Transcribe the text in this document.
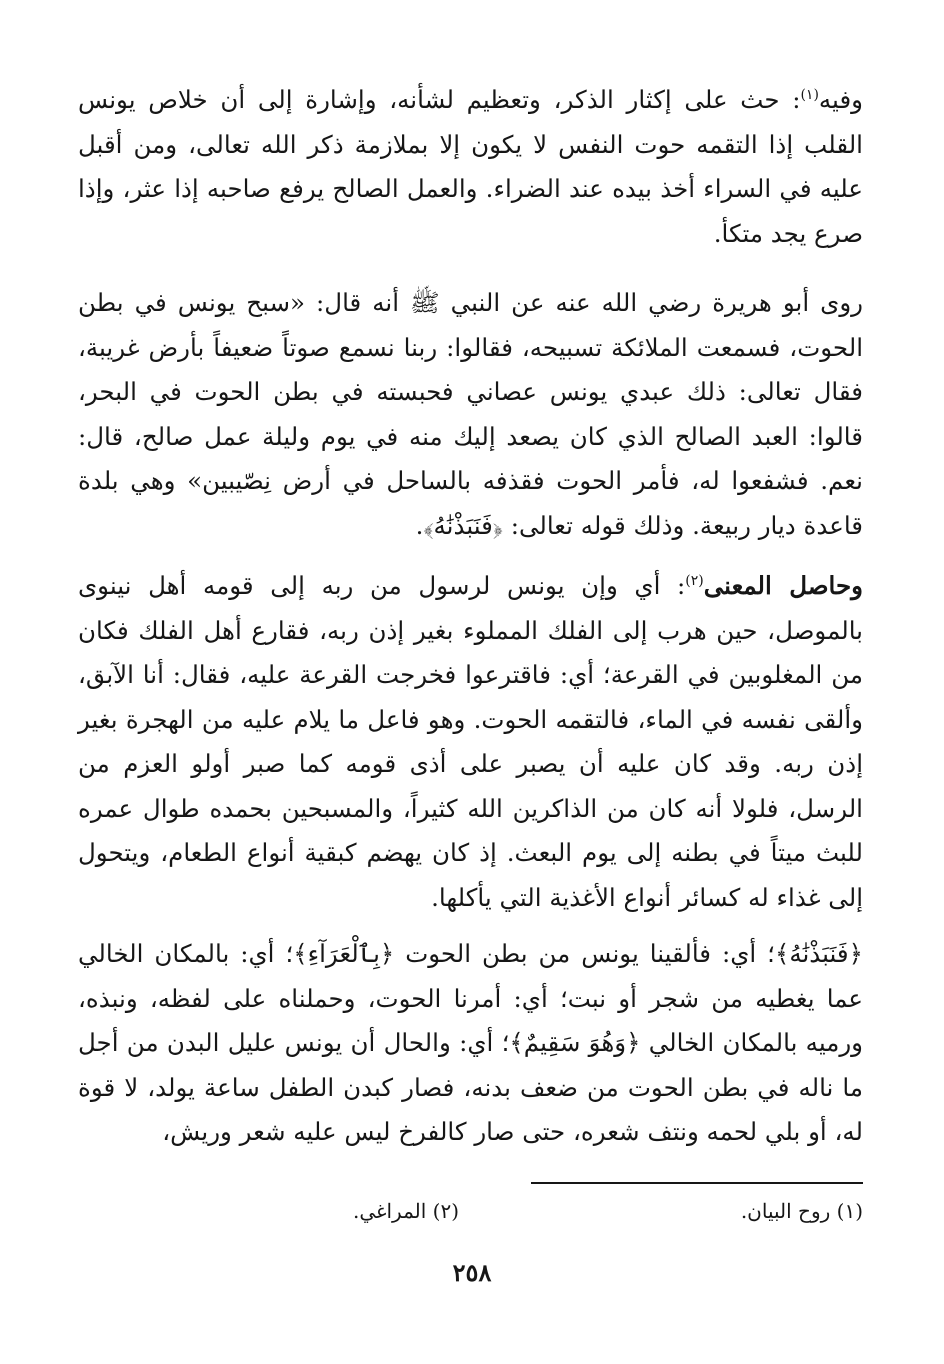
وفيه$^{(١)}$: حث على إكثار الذكر، وتعظيم لشأنه، وإشارة إلى أن خلاص يونس القلب إذا التقمه حوت النفس لا يكون إلا بملازمة ذكر الله تعالى، ومن أقبل عليه في السراء أخذ بيده عند الضراء. والعمل الصالح يرفع صاحبه إذا عثر، وإذا صرع يجد متكأ.

روى أبو هريرة رضي الله عنه عن النبي ﷺ أنه قال: «سبح يونس في بطن الحوت، فسمعت الملائكة تسبيحه، فقالوا: ربنا نسمع صوتاً ضعيفاً بأرض غريبة، فقال تعالى: ذلك عبدي يونس عصاني فحبسته في بطن الحوت في البحر، قالوا: العبد الصالح الذي كان يصعد إليك منه في يوم وليلة عمل صالح، قال: نعم. فشفعوا له، فأمر الحوت فقذفه بالساحل في أرض نِصّيبين» وهي بلدة قاعدة ديار ربيعة. وذلك قوله تعالى: ﴿فَنَبَذْنَٰهُ﴾.

وحاصل المعنى$^{(٢)}$: أي وإن يونس لرسول من ربه إلى قومه أهل نينوى بالموصل، حين هرب إلى الفلك المملوء بغير إذن ربه، فقارع أهل الفلك فكان من المغلوبين في القرعة؛ أي: فاقترعوا فخرجت القرعة عليه، فقال: أنا الآبق، وألقى نفسه في الماء، فالتقمه الحوت. وهو فاعل ما يلام عليه من الهجرة بغير إذن ربه. وقد كان عليه أن يصبر على أذى قومه كما صبر أولو العزم من الرسل، فلولا أنه كان من الذاكرين الله كثيراً، والمسبحين بحمده طوال عمره للبث ميتاً في بطنه إلى يوم البعث. إذ كان يهضم كبقية أنواع الطعام، ويتحول إلى غذاء له كسائر أنواع الأغذية التي يأكلها.

﴿فَنَبَذْنَٰهُ﴾؛ أي: فألقينا يونس من بطن الحوت ﴿بِٱلْعَرَآءِ﴾؛ أي: بالمكان الخالي عما يغطيه من شجر أو نبت؛ أي: أمرنا الحوت، وحملناه على لفظه، ونبذه، ورميه بالمكان الخالي ﴿وَهُوَ سَقِيمٌ﴾؛ أي: والحال أن يونس عليل البدن من أجل ما ناله في بطن الحوت من ضعف بدنه، فصار كبدن الطفل ساعة يولد، لا قوة له، أو بلي لحمه ونتف شعره، حتى صار كالفرخ ليس عليه شعر وريش،

(١) روح البيان.
(٢) المراغي.
٢٥٨
